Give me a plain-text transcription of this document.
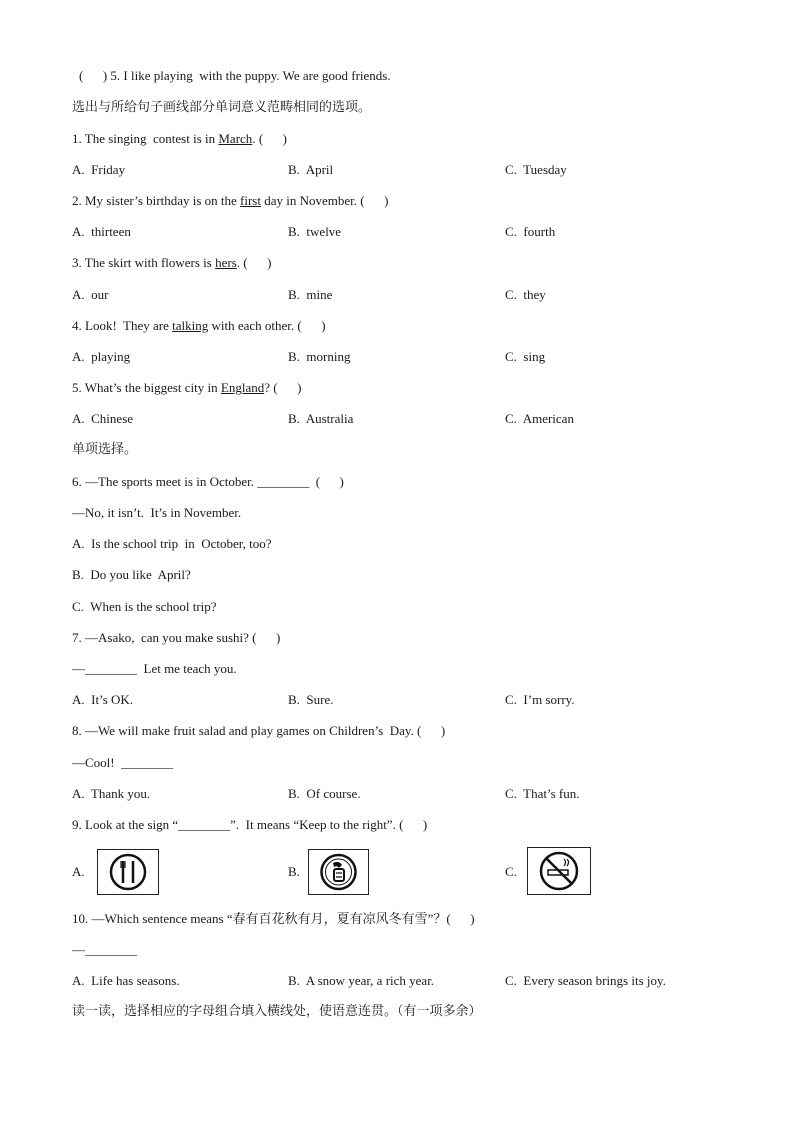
(      ) 5. I like playing  with the puppy. We are good friends.
选出与所给句子画线部分单词意义范畴相同的选项。
1. The singing  contest is in March. (      )
A.  Friday	B.  April	C.  Tuesday
2. My sister’s birthday is on the first day in November. (      )
A.  thirteen	B.  twelve	C.  fourth
3. The skirt with flowers is hers. (      )
A.  our	B.  mine	C.  they
4. Look!  They are talking with each other. (      )
A.  playing	B.  morning	C.  sing
5. What’s the biggest city in England? (      )
A.  Chinese	B.  Australia	C.  American
单项选择。
6. —The sports meet is in October. ________  (      )
—No, it isn’t.  It’s in November.
A.  Is the school trip  in  October, too?
B.  Do you like  April?
C.  When is the school trip?
7. —Asako,  can you make sushi? (      )
—________  Let me teach you.
A.  It’s OK.	B.  Sure.	C.  I’m sorry.
8. —We will make fruit salad and play games on Children’s  Day. (      )
—Cool!  ________
A.  Thank you.	B.  Of course.	C.  That’s fun.
9. Look at the sign “________”.  It means “Keep to the right”. (      )
A.	B.	C.
10. —Which sentence means “春有百花秋有月，夏有凉风冬有雪”？(      )
—________
A.  Life has seasons.	B.  A snow year, a rich year.	C.  Every season brings its joy.
读一读，选择相应的字母组合填入横线处，使语意连贯。（有一项多余）
